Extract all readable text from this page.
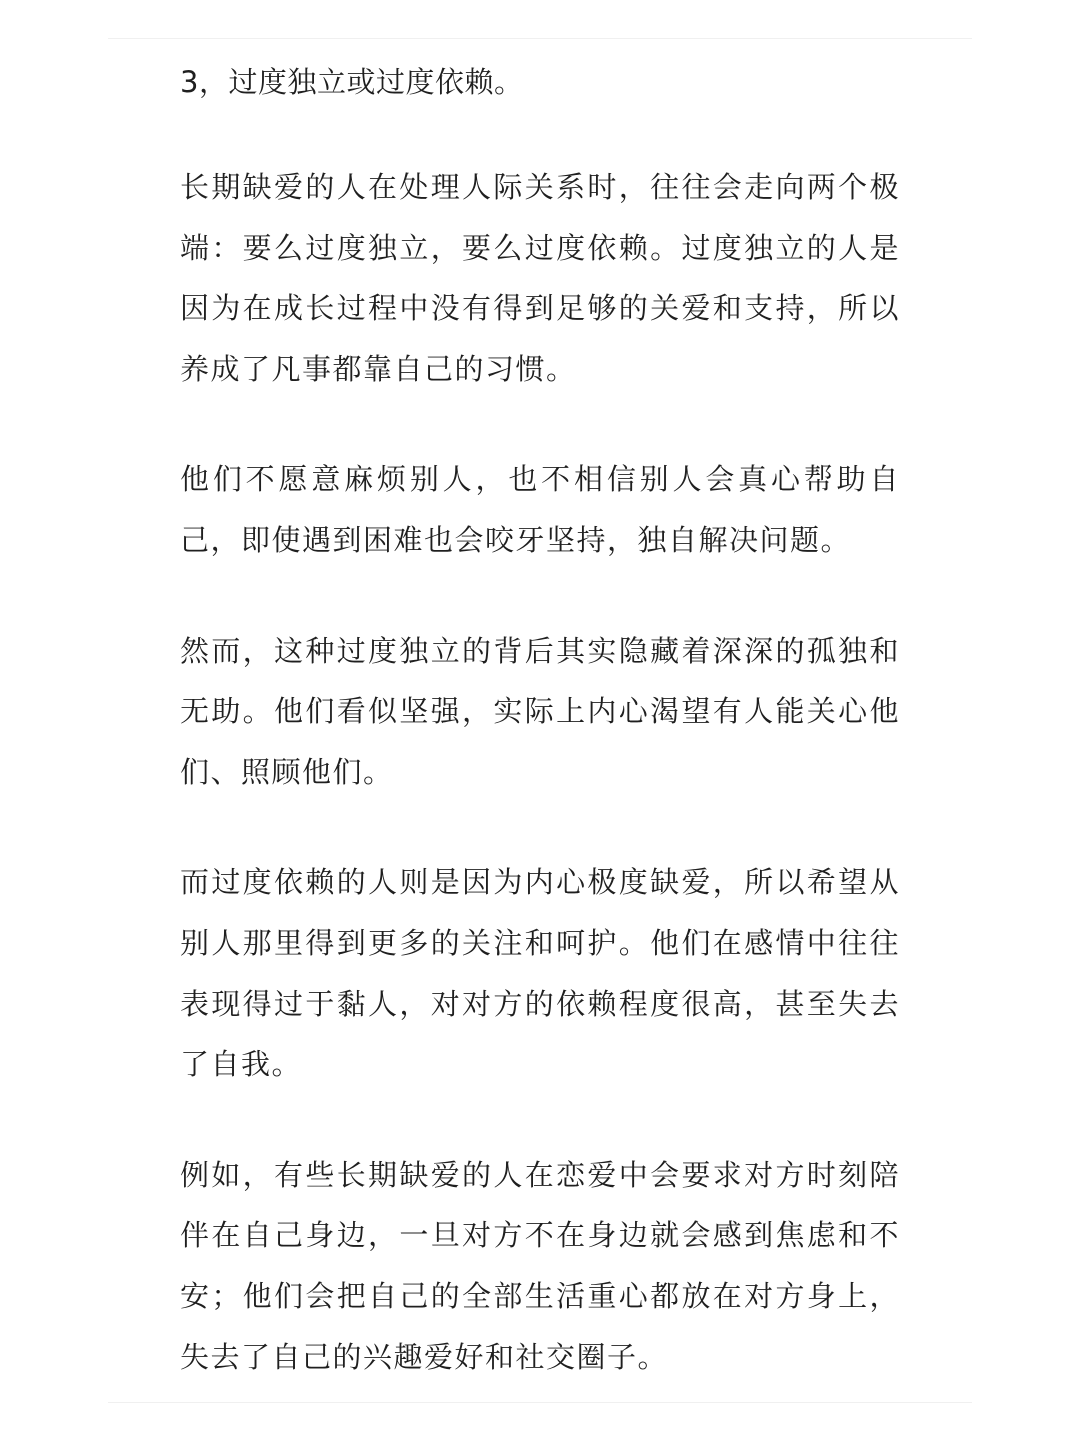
3，过度独立或过度依赖。

长期缺爱的人在处理人际关系时，往往会走向两个极端：要么过度独立，要么过度依赖。过度独立的人是因为在成长过程中没有得到足够的关爱和支持，所以养成了凡事都靠自己的习惯。

他们不愿意麻烦别人，也不相信别人会真心帮助自己，即使遇到困难也会咬牙坚持，独自解决问题。

然而，这种过度独立的背后其实隐藏着深深的孤独和无助。他们看似坚强，实际上内心渴望有人能关心他们、照顾他们。

而过度依赖的人则是因为内心极度缺爱，所以希望从别人那里得到更多的关注和呵护。他们在感情中往往表现得过于黏人，对对方的依赖程度很高，甚至失去了自我。

例如，有些长期缺爱的人在恋爱中会要求对方时刻陪伴在自己身边，一旦对方不在身边就会感到焦虑和不安；他们会把自己的全部生活重心都放在对方身上，失去了自己的兴趣爱好和社交圈子。
